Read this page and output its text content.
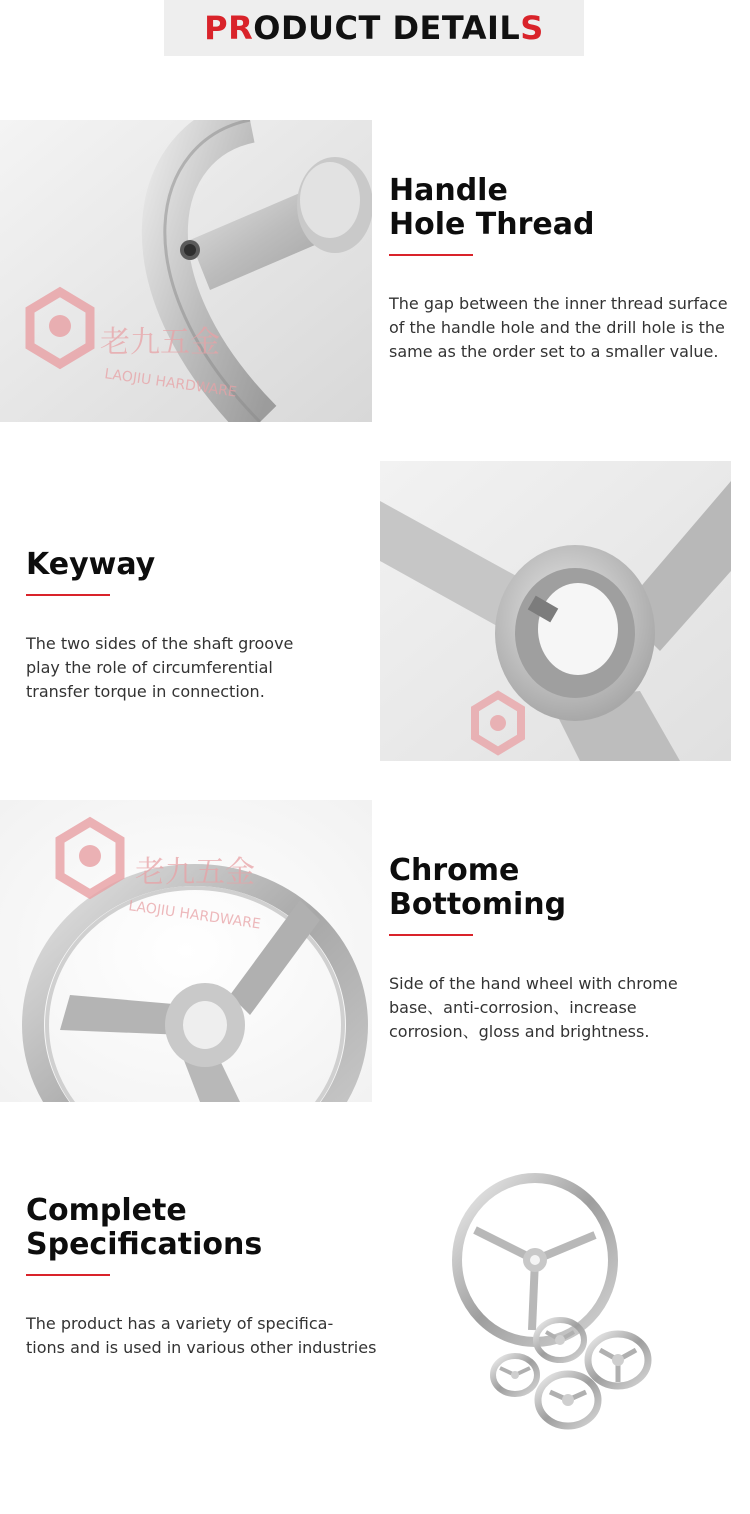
PRODUCT DETAILS
老九五金
LAOJIU HARDWARE
Handle
Hole Thread
The gap between the inner thread surface
of the handle hole and the drill hole is the
same as the order set to a smaller value.
Keyway
The two sides of the shaft groove
play the role of circumferential
transfer torque in connection.
老九五金
LAOJIU HARDWARE
Chrome
Bottoming
Side of the hand wheel with chrome
base、anti-corrosion、increase
corrosion、gloss and brightness.
Complete
Specifications
The product has a variety of specifica-
tions and is used in various other industries
